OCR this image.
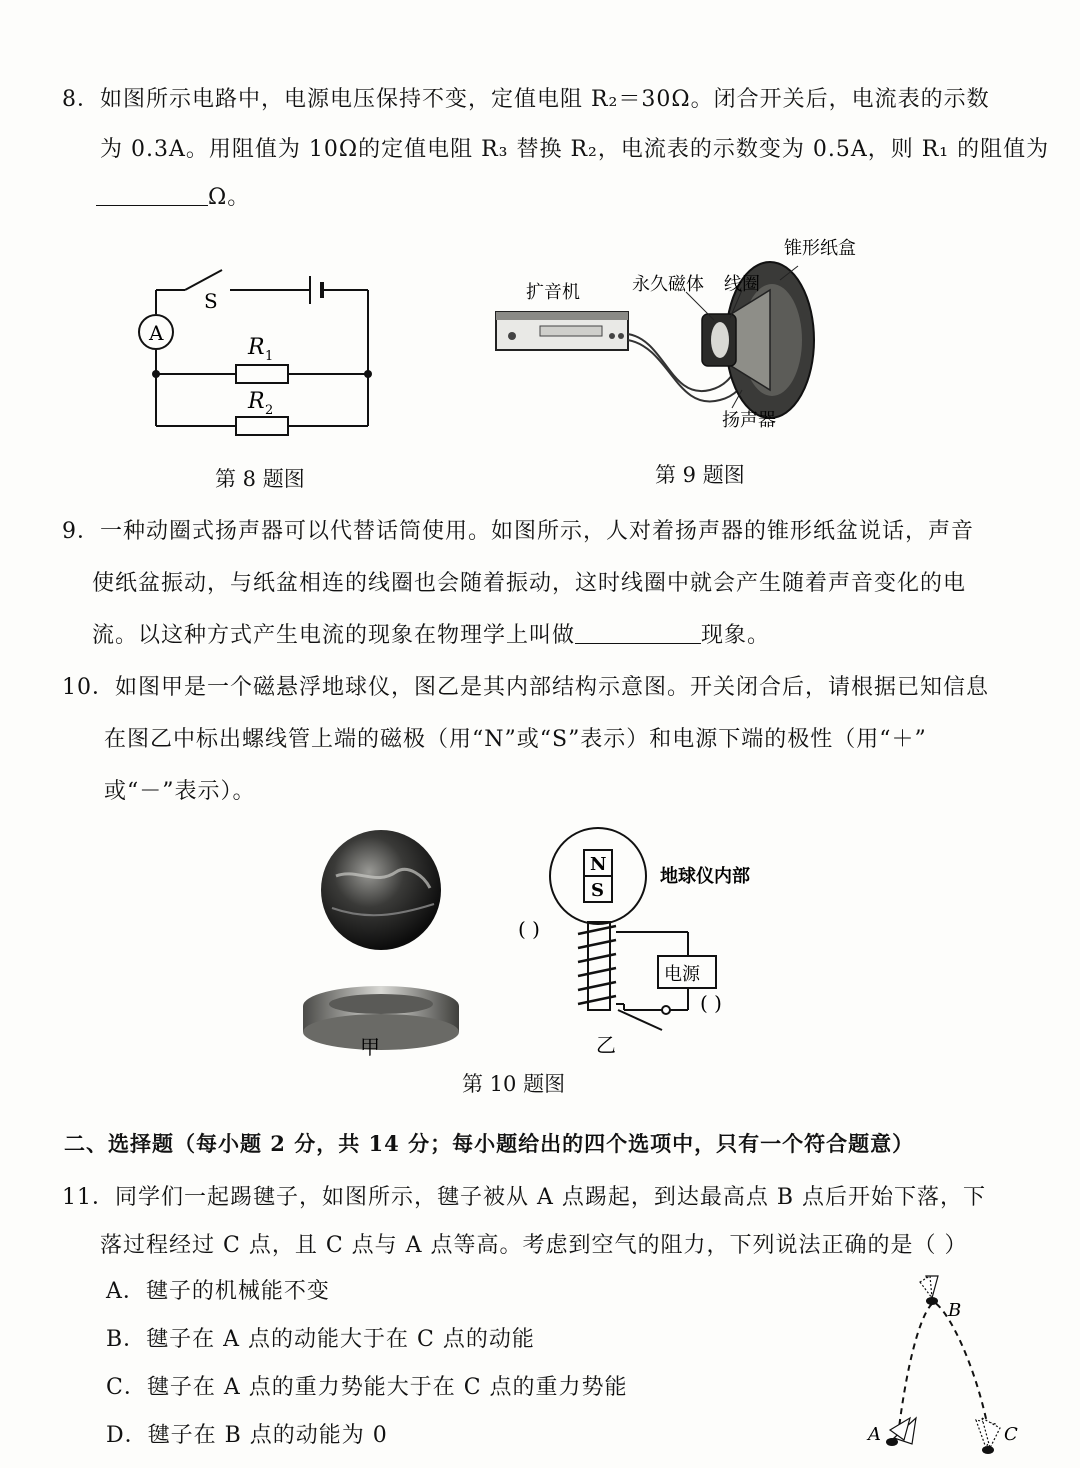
8．如图所示电路中，电源电压保持不变，定值电阻 R₂＝30Ω。闭合开关后，电流表的示数
为 0.3A。用阻值为 10Ω的定值电阻 R₃ 替换 R₂，电流表的示数变为 0.5A，则 R₁ 的阻值为
Ω。
A
S
R 1
R 2
第 8 题图
扩音机	永久磁体 线圈
锥形纸盒
扬声器
第 9 题图
9．一种动圈式扬声器可以代替话筒使用。如图所示，人对着扬声器的锥形纸盆说话，声音
使纸盆振动，与纸盆相连的线圈也会随着振动，这时线圈中就会产生随着声音变化的电
流。以这种方式产生电流的现象在物理学上叫做	现象。
10．如图甲是一个磁悬浮地球仪，图乙是其内部结构示意图。开关闭合后，请根据已知信息
在图乙中标出螺线管上端的磁极（用“N”或“S”表示）和电源下端的极性（用“＋”
或“－”表示）。
甲
N
S
电源
地球仪内部
( )
( )
乙
第 10 题图
二、选择题（每小题 2 分，共 14 分；每小题给出的四个选项中，只有一个符合题意）
11．同学们一起踢毽子，如图所示，毽子被从 A 点踢起，到达最高点 B 点后开始下落，下
落过程经过 C 点，且 C 点与 A 点等高。考虑到空气的阻力，下列说法正确的是（ ）
A．毽子的机械能不变
B．毽子在 A 点的动能大于在 C 点的动能
C．毽子在 A 点的重力势能大于在 C 点的重力势能
D．毽子在 B 点的动能为 0
B
A	C
